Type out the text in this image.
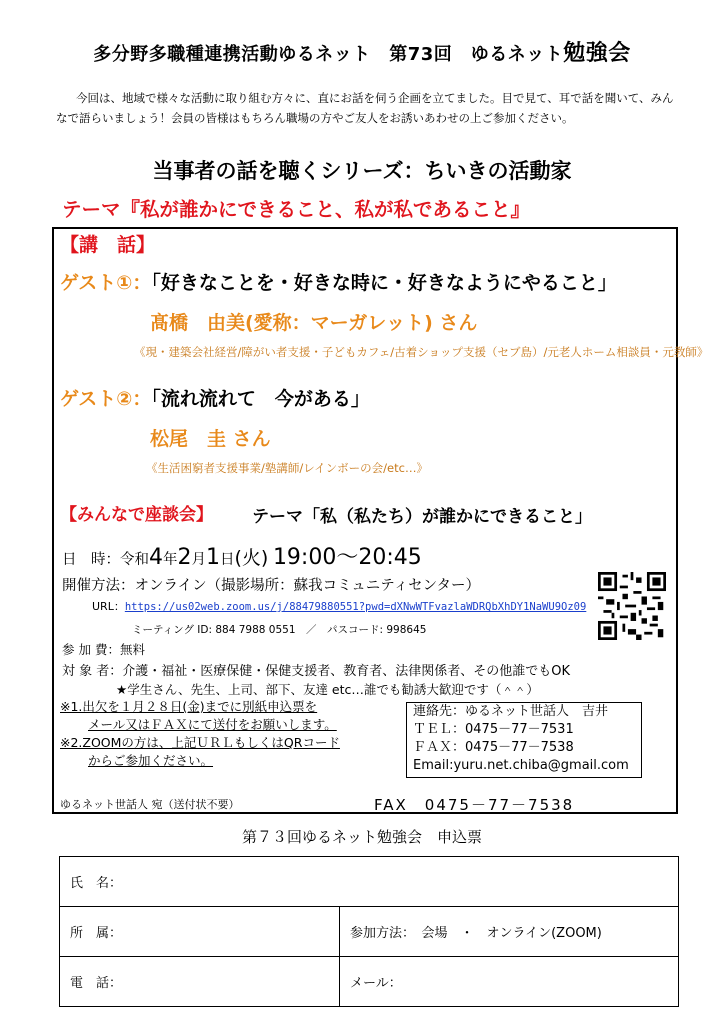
多分野多職種連携活動ゆるネット　第73回　ゆるネット勉強会
今回は、地域で様々な活動に取り組む方々に、直にお話を伺う企画を立てました。目で見て、耳で話を聞いて、みんなで語らいましょう！会員の皆様はもちろん職場の方やご友人をお誘いあわせの上ご参加ください。
当事者の話を聴くシリーズ：ちいきの活動家
テーマ『私が誰かにできること、私が私であること』
【講　話】
ゲスト①：「好きなことを・好きな時に・好きなようにやること」
髙橋　由美(愛称：マーガレット) さん
《現・建築会社経営/障がい者支援・子どもカフェ/古着ショップ支援（セブ島）/元老人ホーム相談員・元教師》
ゲスト②：「流れ流れて　今がある」
松尾　圭 さん
《生活困窮者支援事業/塾講師/レインボーの会/etc…》
【みんなで座談会】 テーマ「私（私たち）が誰かにできること」
日　時：令和4年2月1日(火) 19:00～20:45
開催方法：オンライン（撮影場所：蘇我コミュニティセンター）
URL：https://us02web.zoom.us/j/88479880551?pwd=dXNwWTFvazlaWDRQbXhDY1NaWU9Oz09
ミーティング ID: 884 7988 0551　／　パスコード: 998645
参 加 費：無料
対 象 者：介護・福祉・医療保健・保健支援者、教育者、法律関係者、その他誰でもOK
★学生さん、先生、上司、部下、友達 etc…誰でも勧誘大歓迎です（＾＾）
※1.出欠を１月２８日(金)までに別紙申込票を
メール又はＦＡＸにて送付をお願いします。
※2.ZOOMの方は、上記ＵＲＬもしくはQRコード
からご参加ください。
連絡先：ゆるネット世話人　吉井
ＴＥＬ：0475－77－7531
ＦＡＸ：0475－77－7538
Email:yuru.net.chiba@gmail.com
ゆるネット世話人 宛（送付状不要）	FAX　0475－77－7538
第７３回ゆるネット勉強会　申込票
氏　名：	
所　属：	参加方法：　会場　・　オンライン(ZOOM)
電　話：	メール：
